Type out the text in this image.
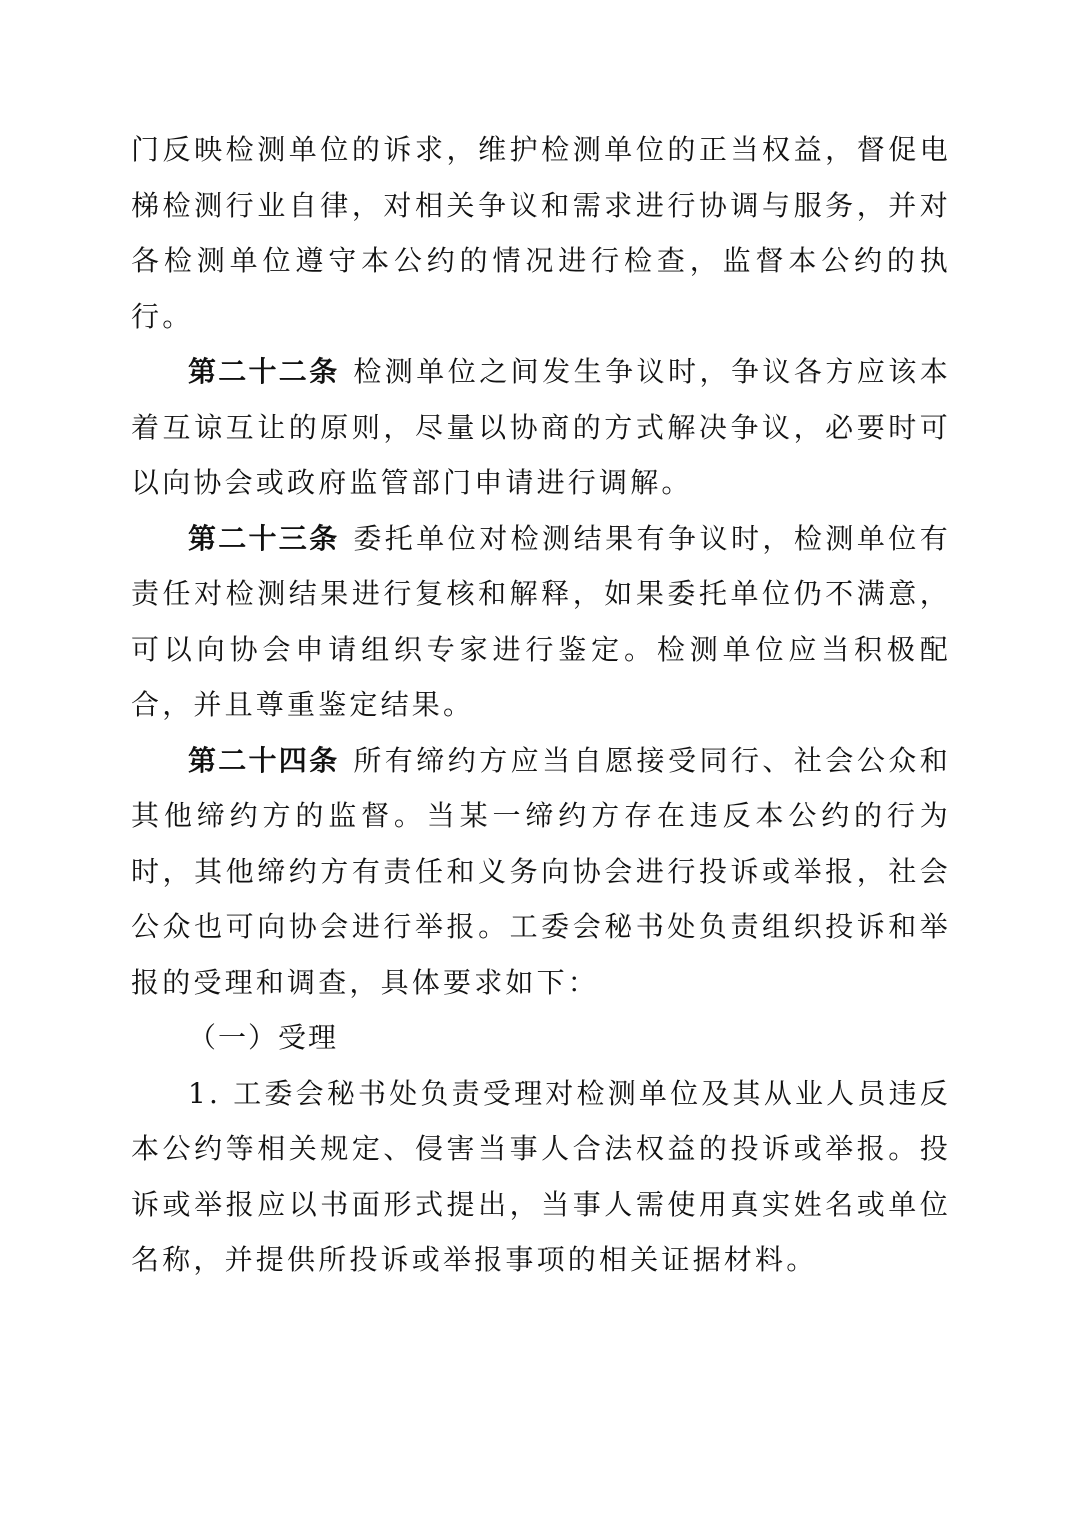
门反映检测单位的诉求，维护检测单位的正当权益，督促电梯检测行业自律，对相关争议和需求进行协调与服务，并对各检测单位遵守本公约的情况进行检查，监督本公约的执行。

第二十二条 检测单位之间发生争议时，争议各方应该本着互谅互让的原则，尽量以协商的方式解决争议，必要时可以向协会或政府监管部门申请进行调解。

第二十三条 委托单位对检测结果有争议时，检测单位有责任对检测结果进行复核和解释，如果委托单位仍不满意，可以向协会申请组织专家进行鉴定。检测单位应当积极配合，并且尊重鉴定结果。

第二十四条 所有缔约方应当自愿接受同行、社会公众和其他缔约方的监督。当某一缔约方存在违反本公约的行为时，其他缔约方有责任和义务向协会进行投诉或举报，社会公众也可向协会进行举报。工委会秘书处负责组织投诉和举报的受理和调查，具体要求如下：

（一）受理

1. 工委会秘书处负责受理对检测单位及其从业人员违反本公约等相关规定、侵害当事人合法权益的投诉或举报。投诉或举报应以书面形式提出，当事人需使用真实姓名或单位名称，并提供所投诉或举报事项的相关证据材料。
